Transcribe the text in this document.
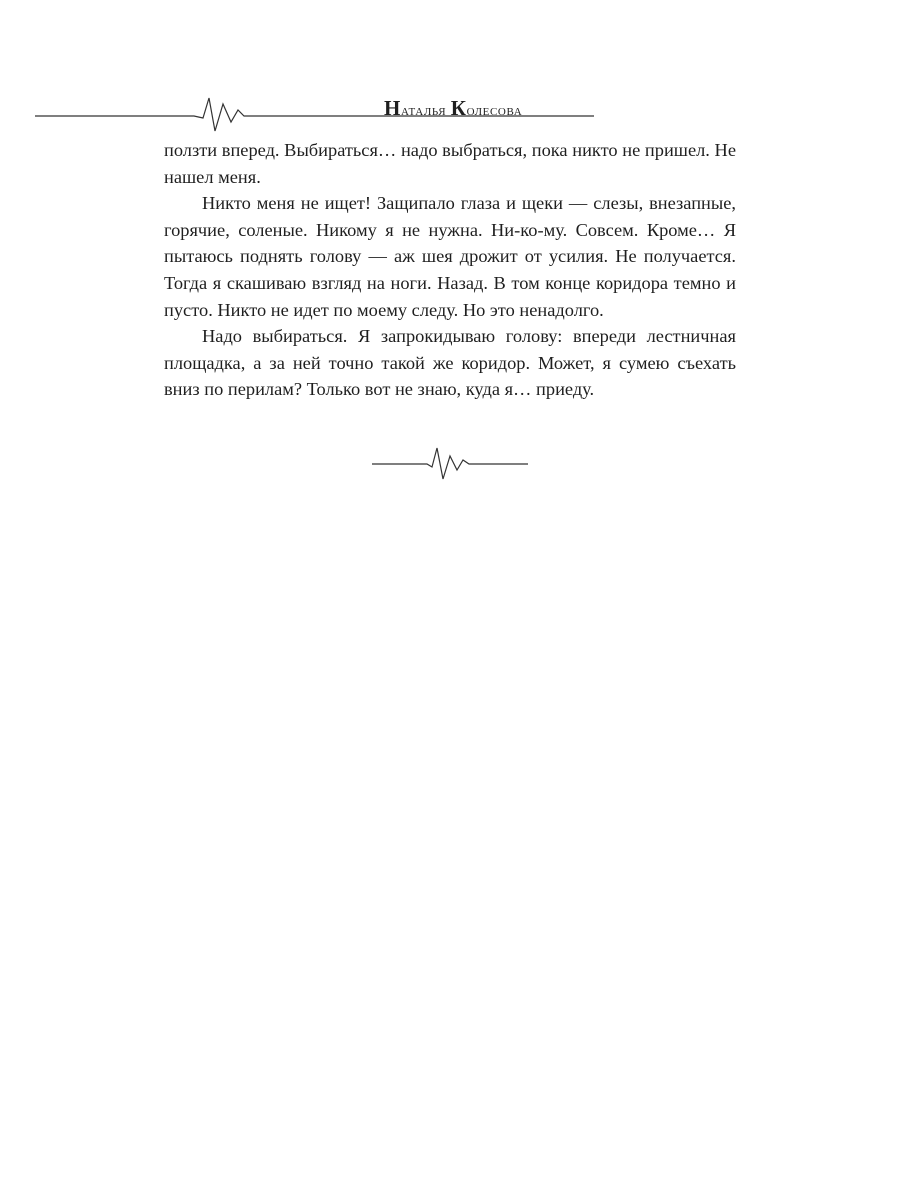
Наталья Колесова

ползти вперед. Выбираться… надо выбраться, пока никто не пришел. Не нашел меня.

Никто меня не ищет! Защипало глаза и щеки — слезы, внезапные, горячие, соленые. Никому я не нужна. Ни-ко-му. Совсем. Кроме… Я пытаюсь поднять голову — аж шея дрожит от усилия. Не получается. Тогда я скашиваю взгляд на ноги. Назад. В том конце коридора темно и пусто. Никто не идет по моему следу. Но это ненадолго.

Надо выбираться. Я запрокидываю голову: впереди лестничная площадка, а за ней точно такой же коридор. Может, я сумею съехать вниз по перилам? Только вот не знаю, куда я… приеду.
